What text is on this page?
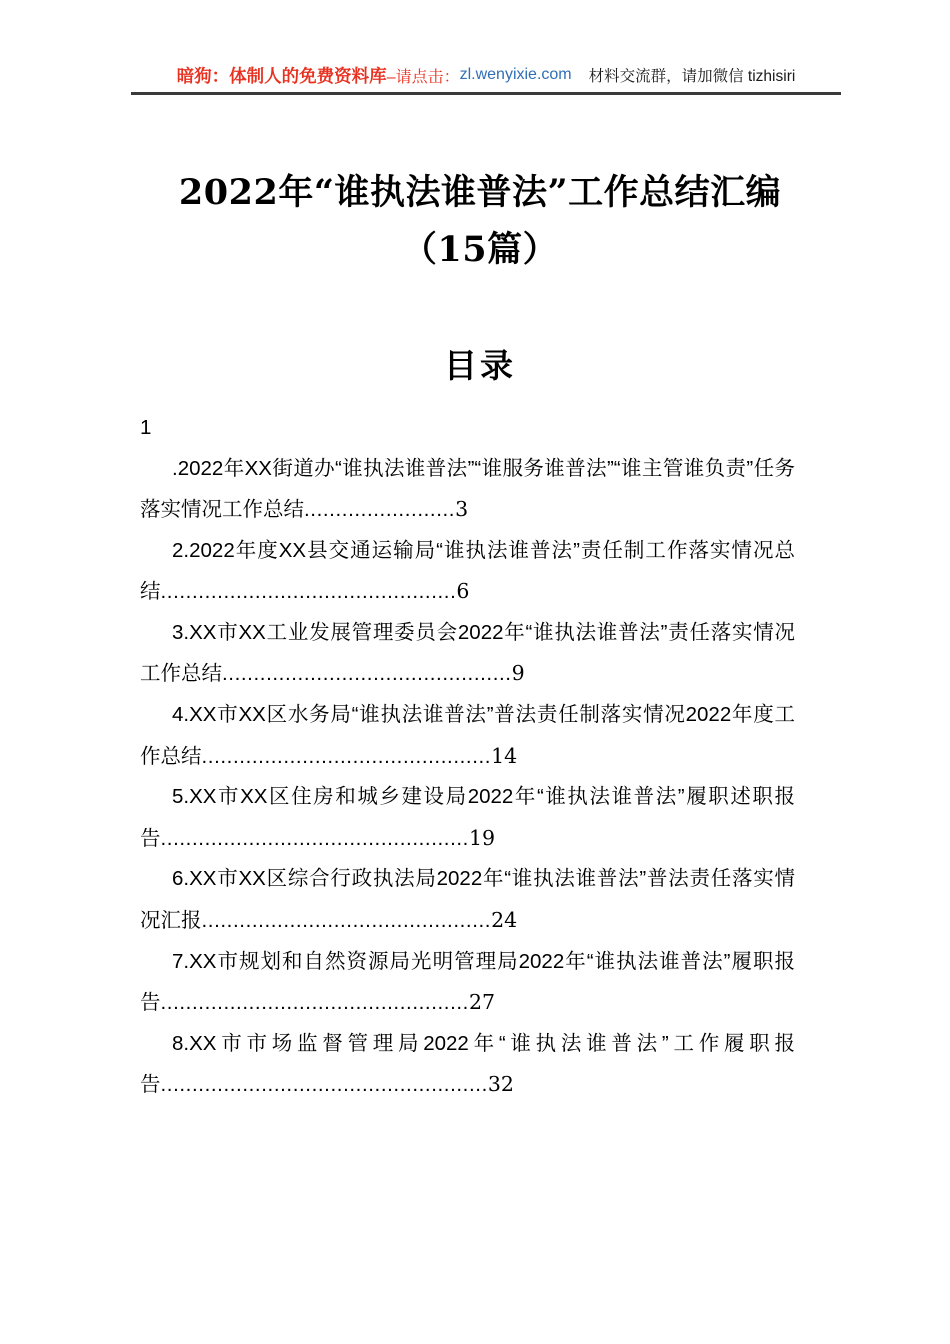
暗狗：体制人的免费资料库 –请点击： zl.wenyixie.com 材料交流群，请加微信 tizhisiri
2022年“谁执法谁普法”工作总结汇编（15篇）
目录

1
.2022年XX街道办“谁执法谁普法”“谁服务谁普法”“谁主管谁负责”任务落实情况工作总结........................3

2.2022年度XX县交通运输局“谁执法谁普法”责任制工作落实情况总结...............................................6

3.XX市XX工业发展管理委员会2022年“谁执法谁普法”责任落实情况工作总结..............................................9

4.XX市XX区水务局“谁执法谁普法”普法责任制落实情况2022年度工作总结..............................................14

5.XX市XX区住房和城乡建设局2022年“谁执法谁普法”履职述职报告.................................................19

6.XX市XX区综合行政执法局2022年“谁执法谁普法”普法责任落实情况汇报..............................................24

7.XX市规划和自然资源局光明管理局2022年“谁执法谁普法”履职报告.................................................27

8.XX市市场监督管理局2022年“谁执法谁普法”工作履职报告....................................................32
